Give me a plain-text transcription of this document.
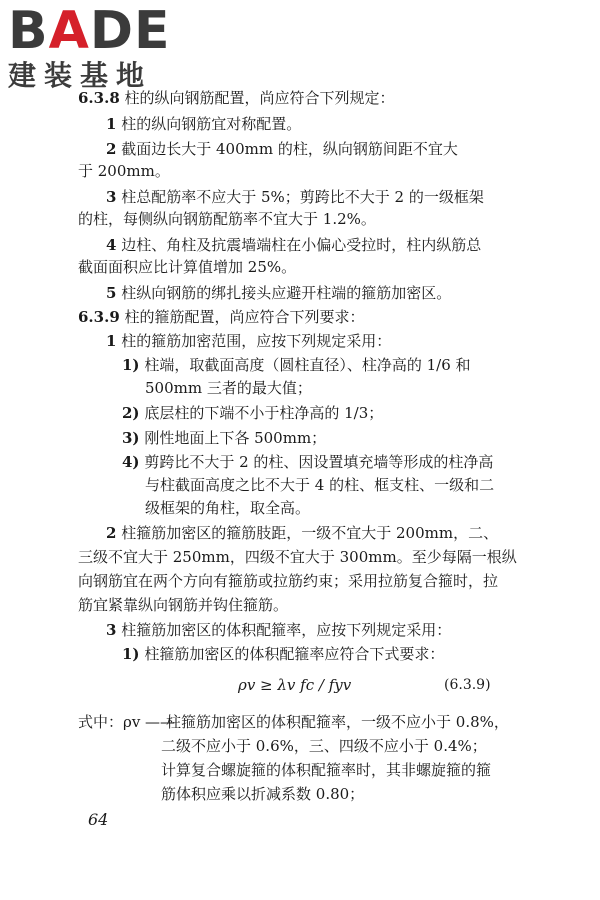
B A DE
建装基地
6.3.8 柱的纵向钢筋配置，尚应符合下列规定：
1 柱的纵向钢筋宜对称配置。
2 截面边长大于 400mm 的柱，纵向钢筋间距不宜大
于 200mm。
3 柱总配筋率不应大于 5%；剪跨比不大于 2 的一级框架
的柱，每侧纵向钢筋配筋率不宜大于 1.2%。
4 边柱、角柱及抗震墙端柱在小偏心受拉时，柱内纵筋总
截面面积应比计算值增加 25%。
5 柱纵向钢筋的绑扎接头应避开柱端的箍筋加密区。
6.3.9 柱的箍筋配置，尚应符合下列要求：
1 柱的箍筋加密范围，应按下列规定采用：
1) 柱端，取截面高度（圆柱直径）、柱净高的 1/6 和
500mm 三者的最大值；
2) 底层柱的下端不小于柱净高的 1/3；
3) 刚性地面上下各 500mm；
4) 剪跨比不大于 2 的柱、因设置填充墙等形成的柱净高
与柱截面高度之比不大于 4 的柱、框支柱、一级和二
级框架的角柱，取全高。
2 柱箍筋加密区的箍筋肢距，一级不宜大于 200mm，二、
三级不宜大于 250mm，四级不宜大于 300mm。至少每隔一根纵
向钢筋宜在两个方向有箍筋或拉筋约束；采用拉筋复合箍时，拉
筋宜紧靠纵向钢筋并钩住箍筋。
3 柱箍筋加密区的体积配箍率，应按下列规定采用：
1) 柱箍筋加密区的体积配箍率应符合下式要求：
ρv ≥ λv fc / fyv	(6.3.9)
式中：ρv ——
柱箍筋加密区的体积配箍率，一级不应小于 0.8%，
二级不应小于 0.6%，三、四级不应小于 0.4%；
计算复合螺旋箍的体积配箍率时，其非螺旋箍的箍
筋体积应乘以折减系数 0.80；
64
